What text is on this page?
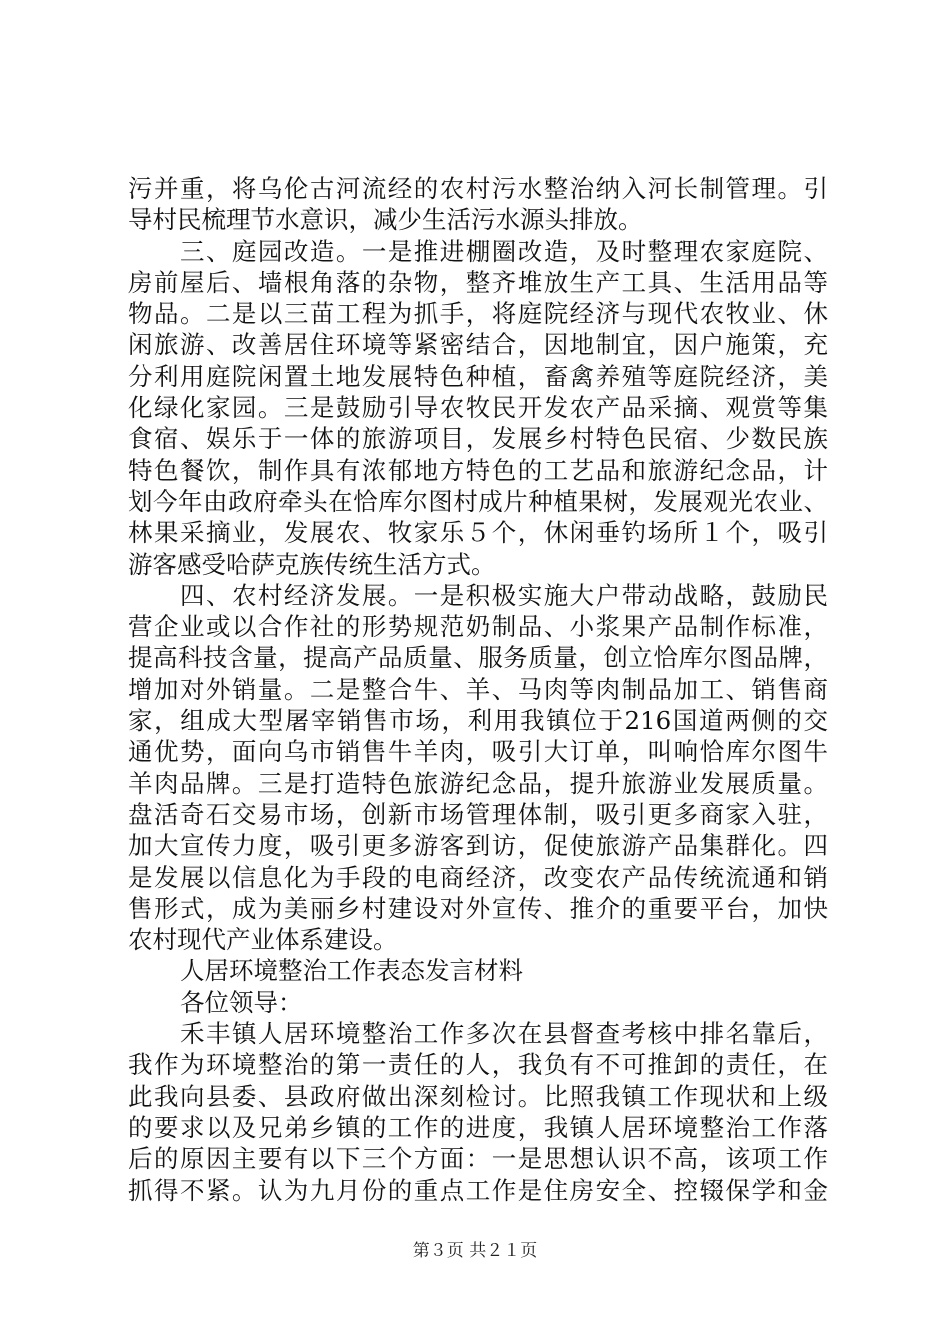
污并重，将乌伦古河流经的农村污水整治纳入河长制管理。引
导村民梳理节水意识，减少生活污水源头排放。
三、庭园改造。一是推进棚圈改造，及时整理农家庭院、
房前屋后、墙根角落的杂物，整齐堆放生产工具、生活用品等
物品。二是以三苗工程为抓手，将庭院经济与现代农牧业、休
闲旅游、改善居住环境等紧密结合，因地制宜，因户施策，充
分利用庭院闲置土地发展特色种植，畜禽养殖等庭院经济，美
化绿化家园。三是鼓励引导农牧民开发农产品采摘、观赏等集
食宿、娱乐于一体的旅游项目，发展乡村特色民宿、少数民族
特色餐饮，制作具有浓郁地方特色的工艺品和旅游纪念品，计
划今年由政府牵头在恰库尔图村成片种植果树，发展观光农业、
林果采摘业，发展农、牧家乐５个，休闲垂钓场所１个，吸引
游客感受哈萨克族传统生活方式。
四、农村经济发展。一是积极实施大户带动战略，鼓励民
营企业或以合作社的形势规范奶制品、小浆果产品制作标准，
提高科技含量，提高产品质量、服务质量，创立恰库尔图品牌，
增加对外销量。二是整合牛、羊、马肉等肉制品加工、销售商
家，组成大型屠宰销售市场，利用我镇位于216国道两侧的交
通优势，面向乌市销售牛羊肉，吸引大订单，叫响恰库尔图牛
羊肉品牌。三是打造特色旅游纪念品，提升旅游业发展质量。
盘活奇石交易市场，创新市场管理体制，吸引更多商家入驻，
加大宣传力度，吸引更多游客到访，促使旅游产品集群化。四
是发展以信息化为手段的电商经济，改变农产品传统流通和销
售形式，成为美丽乡村建设对外宣传、推介的重要平台，加快
农村现代产业体系建设。
人居环境整治工作表态发言材料
各位领导：
禾丰镇人居环境整治工作多次在县督查考核中排名靠后，
我作为环境整治的第一责任的人，我负有不可推卸的责任，在
此我向县委、县政府做出深刻检讨。比照我镇工作现状和上级
的要求以及兄弟乡镇的工作的进度，我镇人居环境整治工作落
后的原因主要有以下三个方面：一是思想认识不高，该项工作
抓得不紧。认为九月份的重点工作是住房安全、控辍保学和金
第３页 共２１页
